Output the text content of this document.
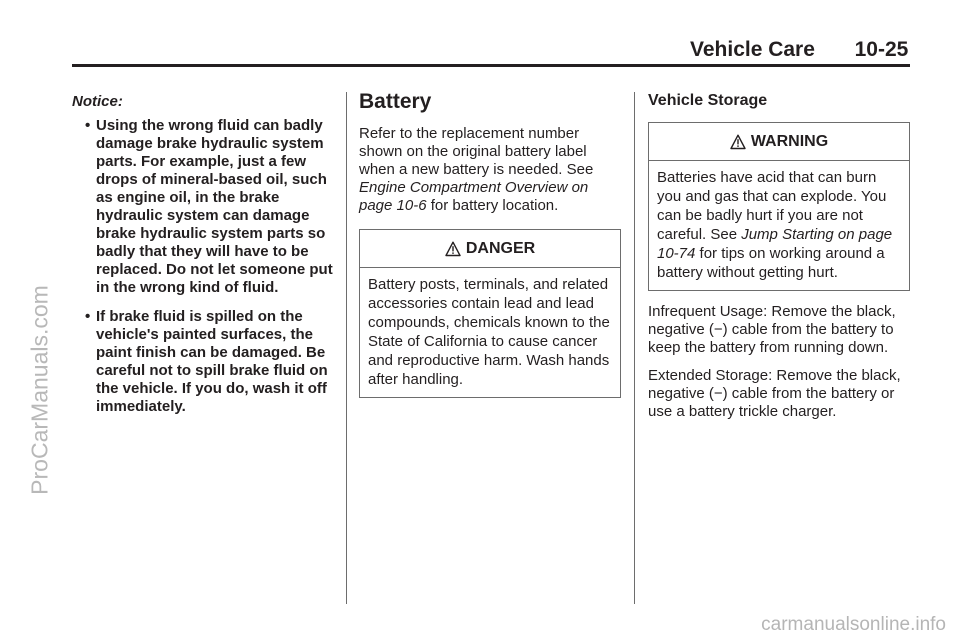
Vehicle Care 10-25
ProCarManuals.com
carmanualsonline.info

Notice:

• Using the wrong fluid can badly damage brake hydraulic system parts. For example, just a few drops of mineral-based oil, such as engine oil, in the brake hydraulic system can damage brake hydraulic system parts so badly that they will have to be replaced. Do not let someone put in the wrong kind of fluid.
• If brake fluid is spilled on the vehicle's painted surfaces, the paint finish can be damaged. Be careful not to spill brake fluid on the vehicle. If you do, wash it off immediately.
Battery

Refer to the replacement number shown on the original battery label when a new battery is needed. See Engine Compartment Overview on page 10-6 for battery location.

DANGER
Battery posts, terminals, and related accessories contain lead and lead compounds, chemicals known to the State of California to cause cancer and reproductive harm. Wash hands after handling.
Vehicle Storage
WARNING
Batteries have acid that can burn you and gas that can explode. You can be badly hurt if you are not careful. See Jump Starting on page 10-74 for tips on working around a battery without getting hurt.

Infrequent Usage: Remove the black, negative (−) cable from the battery to keep the battery from running down.

Extended Storage: Remove the black, negative (−) cable from the battery or use a battery trickle charger.
